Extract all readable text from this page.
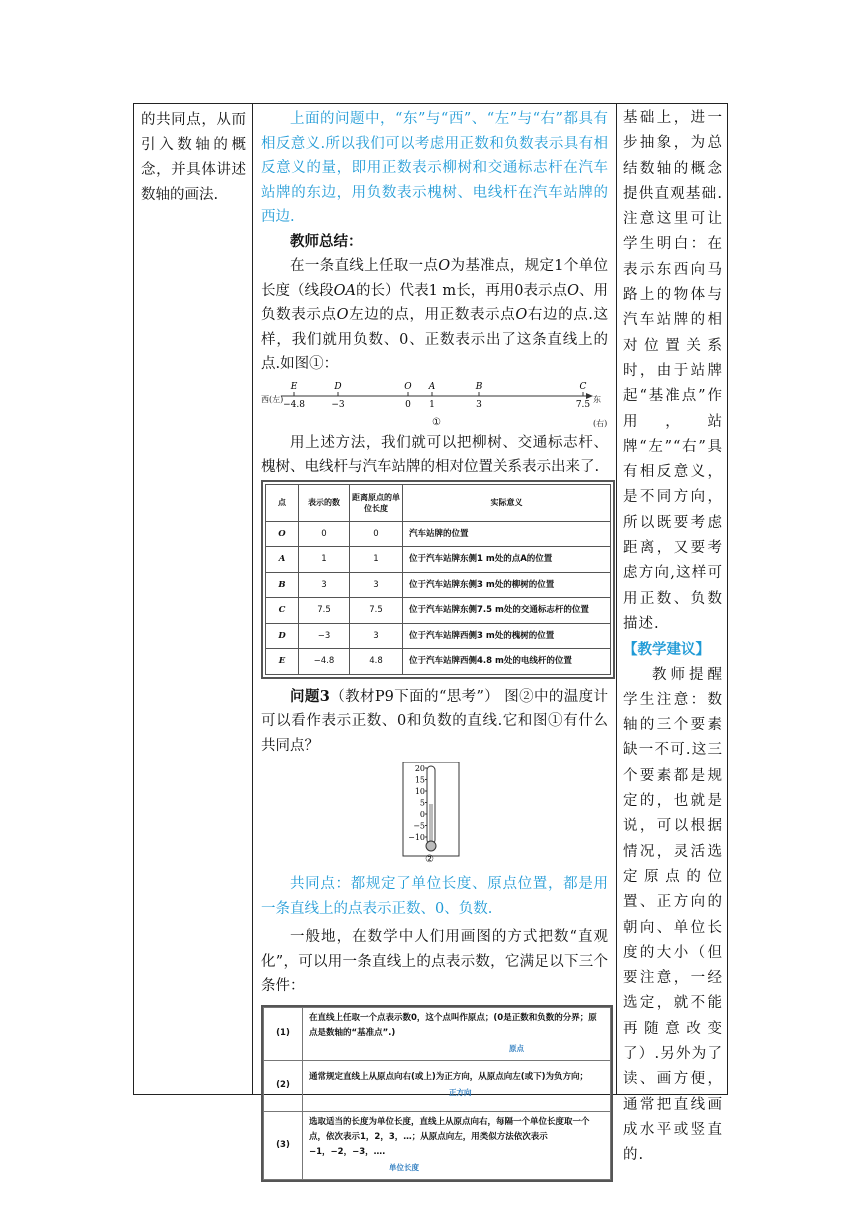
的共同点，从而引入数轴的概念，并具体讲述数轴的画法.

上面的问题中，“东”与“西”、“左”与“右”都具有相反意义.所以我们可以考虑用正数和负数表示具有相反意义的量，即用正数表示柳树和交通标志杆在汽车站牌的东边，用负数表示槐树、电线杆在汽车站牌的西边.

教师总结：

在一条直线上任取一点O为基准点，规定1个单位长度（线段OA的长）代表1 m长，再用0表示点O、用负数表示点O左边的点，用正数表示点O右边的点.这样，我们就用负数、0、正数表示出了这条直线上的点.如图①：

E
−4.8
D
−3
O
0
A
1
B
3
C
7.5
西(左)	东(右)
①

用上述方法，我们就可以把柳树、交通标志杆、槐树、电线杆与汽车站牌的相对位置关系表示出来了.

点	表示的数	距离原点的单位长度	实际意义
O	0	0	汽车站牌的位置
A	1	1	位于汽车站牌东侧1 m处的点A的位置
B	3	3	位于汽车站牌东侧3 m处的柳树的位置
C	7.5	7.5	位于汽车站牌东侧7.5 m处的交通标志杆的位置
D	−3	3	位于汽车站牌西侧3 m处的槐树的位置
E	−4.8	4.8	位于汽车站牌西侧4.8 m处的电线杆的位置

问题3（教材P9下面的“思考”） 图②中的温度计可以看作表示正数、0和负数的直线.它和图①有什么共同点？

20
15
10
5
0
−5
−10
②

共同点：都规定了单位长度、原点位置，都是用一条直线上的点表示正数、0、负数.

一般地，在数学中人们用画图的方式把数“直观化”，可以用一条直线上的点表示数，它满足以下三个条件：

(1)	在直线上任取一个点表示数0，这个点叫作原点；(0是正数和负数的分界；原点是数轴的“基准点”.)
原点
(2)	通常规定直线上从原点向右(或上)为正方向，从原点向左(或下)为负方向；
正方向
(3)	选取适当的长度为单位长度，直线上从原点向右，每隔一个单位长度取一个点，依次表示1，2，3，…；从原点向左，用类似方法依次表示−1，−2，−3，….
单位长度
基础上，进一步抽象，为总结数轴的概念提供直观基础.注意这里可让学生明白：在表示东西向马路上的物体与汽车站牌的相对位置关系时，由于站牌起“基准点”作用，站牌“左”“右”具有相反意义，是不同方向，所以既要考虑距离，又要考虑方向,这样可用正数、负数描述.
【教学建议】
教师提醒学生注意：数轴的三个要素缺一不可.这三个要素都是规定的，也就是说，可以根据情况，灵活选定原点的位置、正方向的朝向、单位长度的大小（但要注意，一经选定，就不能再随意改变了）.另外为了读、画方便，通常把直线画成水平或竖直的.
